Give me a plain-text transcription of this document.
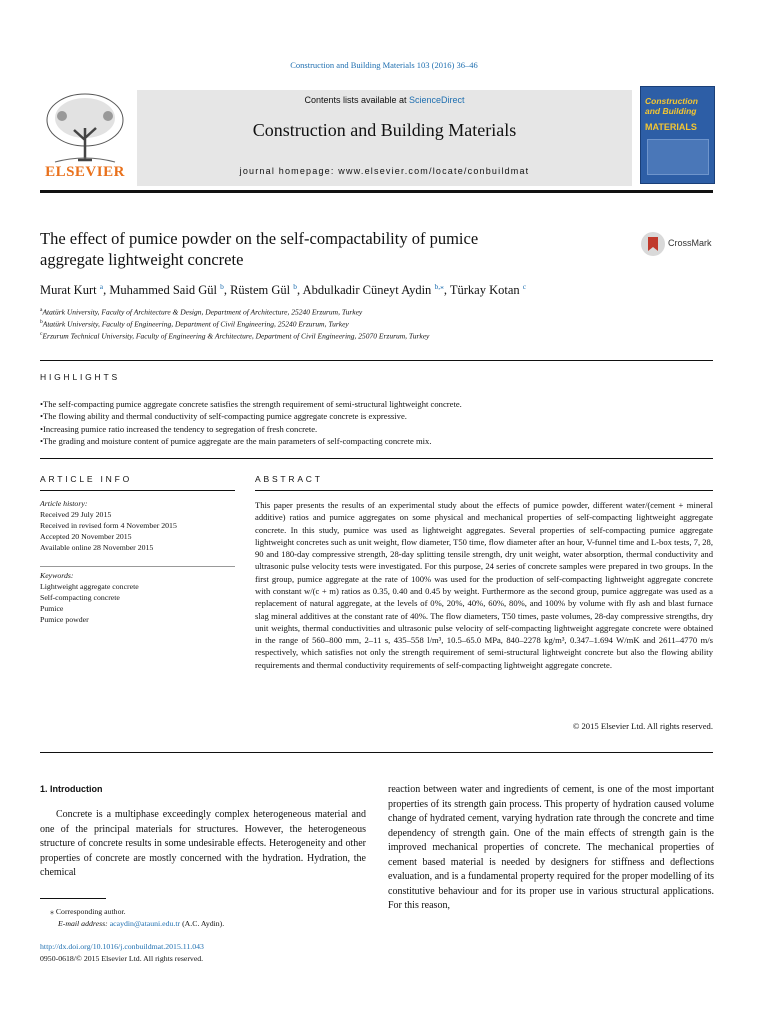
Construction and Building Materials 103 (2016) 36–46
ELSEVIER
Contents lists available at ScienceDirect
Construction and Building Materials
journal homepage: www.elsevier.com/locate/conbuildmat
Construction and Building
MATERIALS
The effect of pumice powder on the self-compactability of pumice
aggregate lightweight concrete
CrossMark
Murat Kurt $^a$, Muhammed Said Gül $^b$, Rüstem Gül $^b$, Abdulkadir Cüneyt Aydin $^{b,⁎}$, Türkay Kotan $^c$
$^a$Atatürk University, Faculty of Architecture & Design, Department of Architecture, 25240 Erzurum, Turkey
$^b$Atatürk University, Faculty of Engineering, Department of Civil Engineering, 25240 Erzurum, Turkey
$^c$Erzurum Technical University, Faculty of Engineering & Architecture, Department of Civil Engineering, 25070 Erzurum, Turkey
HIGHLIGHTS
• The self-compacting pumice aggregate concrete satisfies the strength requirement of semi-structural lightweight concrete.
• The flowing ability and thermal conductivity of self-compacting pumice aggregate concrete is expressive.
• Increasing pumice ratio increased the tendency to segregation of fresh concrete.
• The grading and moisture content of pumice aggregate are the main parameters of self-compacting concrete mix.
ARTICLE INFO
Article history:
Received 29 July 2015
Received in revised form 4 November 2015
Accepted 20 November 2015
Available online 28 November 2015
Keywords:
Lightweight aggregate concrete
Self-compacting concrete
Pumice
Pumice powder
ABSTRACT
This paper presents the results of an experimental study about the effects of pumice powder, different water/(cement + mineral additive) ratios and pumice aggregates on some physical and mechanical properties of self-compacting lightweight aggregate concrete. In this study, pumice was used as lightweight aggregates. Several properties of self-compacting pumice aggregate lightweight concretes such as unit weight, flow diameter, T50 time, flow diameter after an hour, V-funnel time and L-box tests, 7, 28, 90 and 180-day compressive strength, 28-day splitting tensile strength, dry unit weight, water absorption, thermal conductivity and ultrasonic pulse velocity tests were investigated. For this purpose, 24 series of concrete samples were prepared in two groups. In the first group, pumice aggregate at the rate of 100% was used for the production of self-compacting lightweight aggregate concrete with constant w/(c + m) ratios as 0.35, 0.40 and 0.45 by weight. Furthermore as the second group, pumice aggregate was used as a replacement of natural aggregate, at the levels of 0%, 20%, 40%, 60%, 80%, and 100% by volume with fly ash and blast furnace slag mineral additives at the constant rate of 40%. The flow diameters, T50 times, paste volumes, 28-day compressive strengths, dry unit weights, thermal conductivities and ultrasonic pulse velocity of self-compacting lightweight aggregate concrete were obtained in the range of 560–800 mm, 2–11 s, 435–558 l/m³, 10.5–65.0 MPa, 840–2278 kg/m³, 0.347–1.694 W/mK and 2611–4770 m/s respectively, which satisfies not only the strength requirement of semi-structural lightweight concrete but also the flowing ability requirements and thermal conductivity requirements of self-compacting lightweight aggregate concrete.
© 2015 Elsevier Ltd. All rights reserved.
1. Introduction
Concrete is a multiphase exceedingly complex heterogeneous material and one of the principal materials for structures. However, the heterogeneous structure of concrete results in some undesirable effects. Heterogeneity and other properties of concrete are mostly concerned with the hydration. Hydration, the chemical
reaction between water and ingredients of cement, is one of the most important properties of its strength gain process. This property of hydration caused volume change of hydrated cement, varying hydration rate through the concrete and time dependency of strength gain. One of the main effects of strength gain is the improved mechanical properties of concrete. The mechanical properties of cement based material is needed by designers for stiffness and deflections evaluation, and is a fundamental property required for the proper modelling of its constitutive behaviour and for its proper use in various structural applications. For this reason,
⁎ Corresponding author.
E-mail address: acaydin@atauni.edu.tr (A.C. Aydin).
http://dx.doi.org/10.1016/j.conbuildmat.2015.11.043
0950-0618/© 2015 Elsevier Ltd. All rights reserved.
